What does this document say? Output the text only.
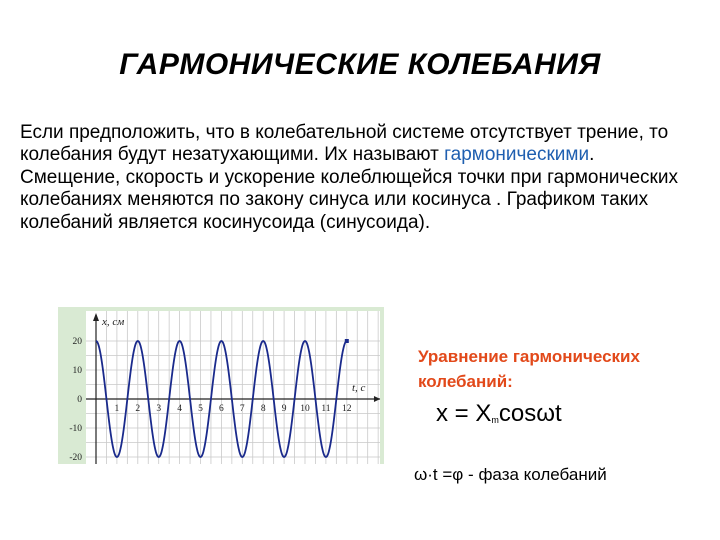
ГАРМОНИЧЕСКИЕ КОЛЕБАНИЯ
Если предположить, что в колебательной системе отсутствует трение, то колебания будут незатухающими. Их называют гармоническими. Смещение, скорость и ускорение колеблющейся точки при гармонических колебаниях меняются по закону синуса или косинуса . Графиком таких колебаний является косинусоида (синусоида).
20
10
0
-10
-20
1 2 3 4 5 6 7 8 9 10 11 12
x, см
t, c
Уравнение гармонических колебаний:
$x = X_m\cos\omega t$
ω·t =φ - фаза колебаний
